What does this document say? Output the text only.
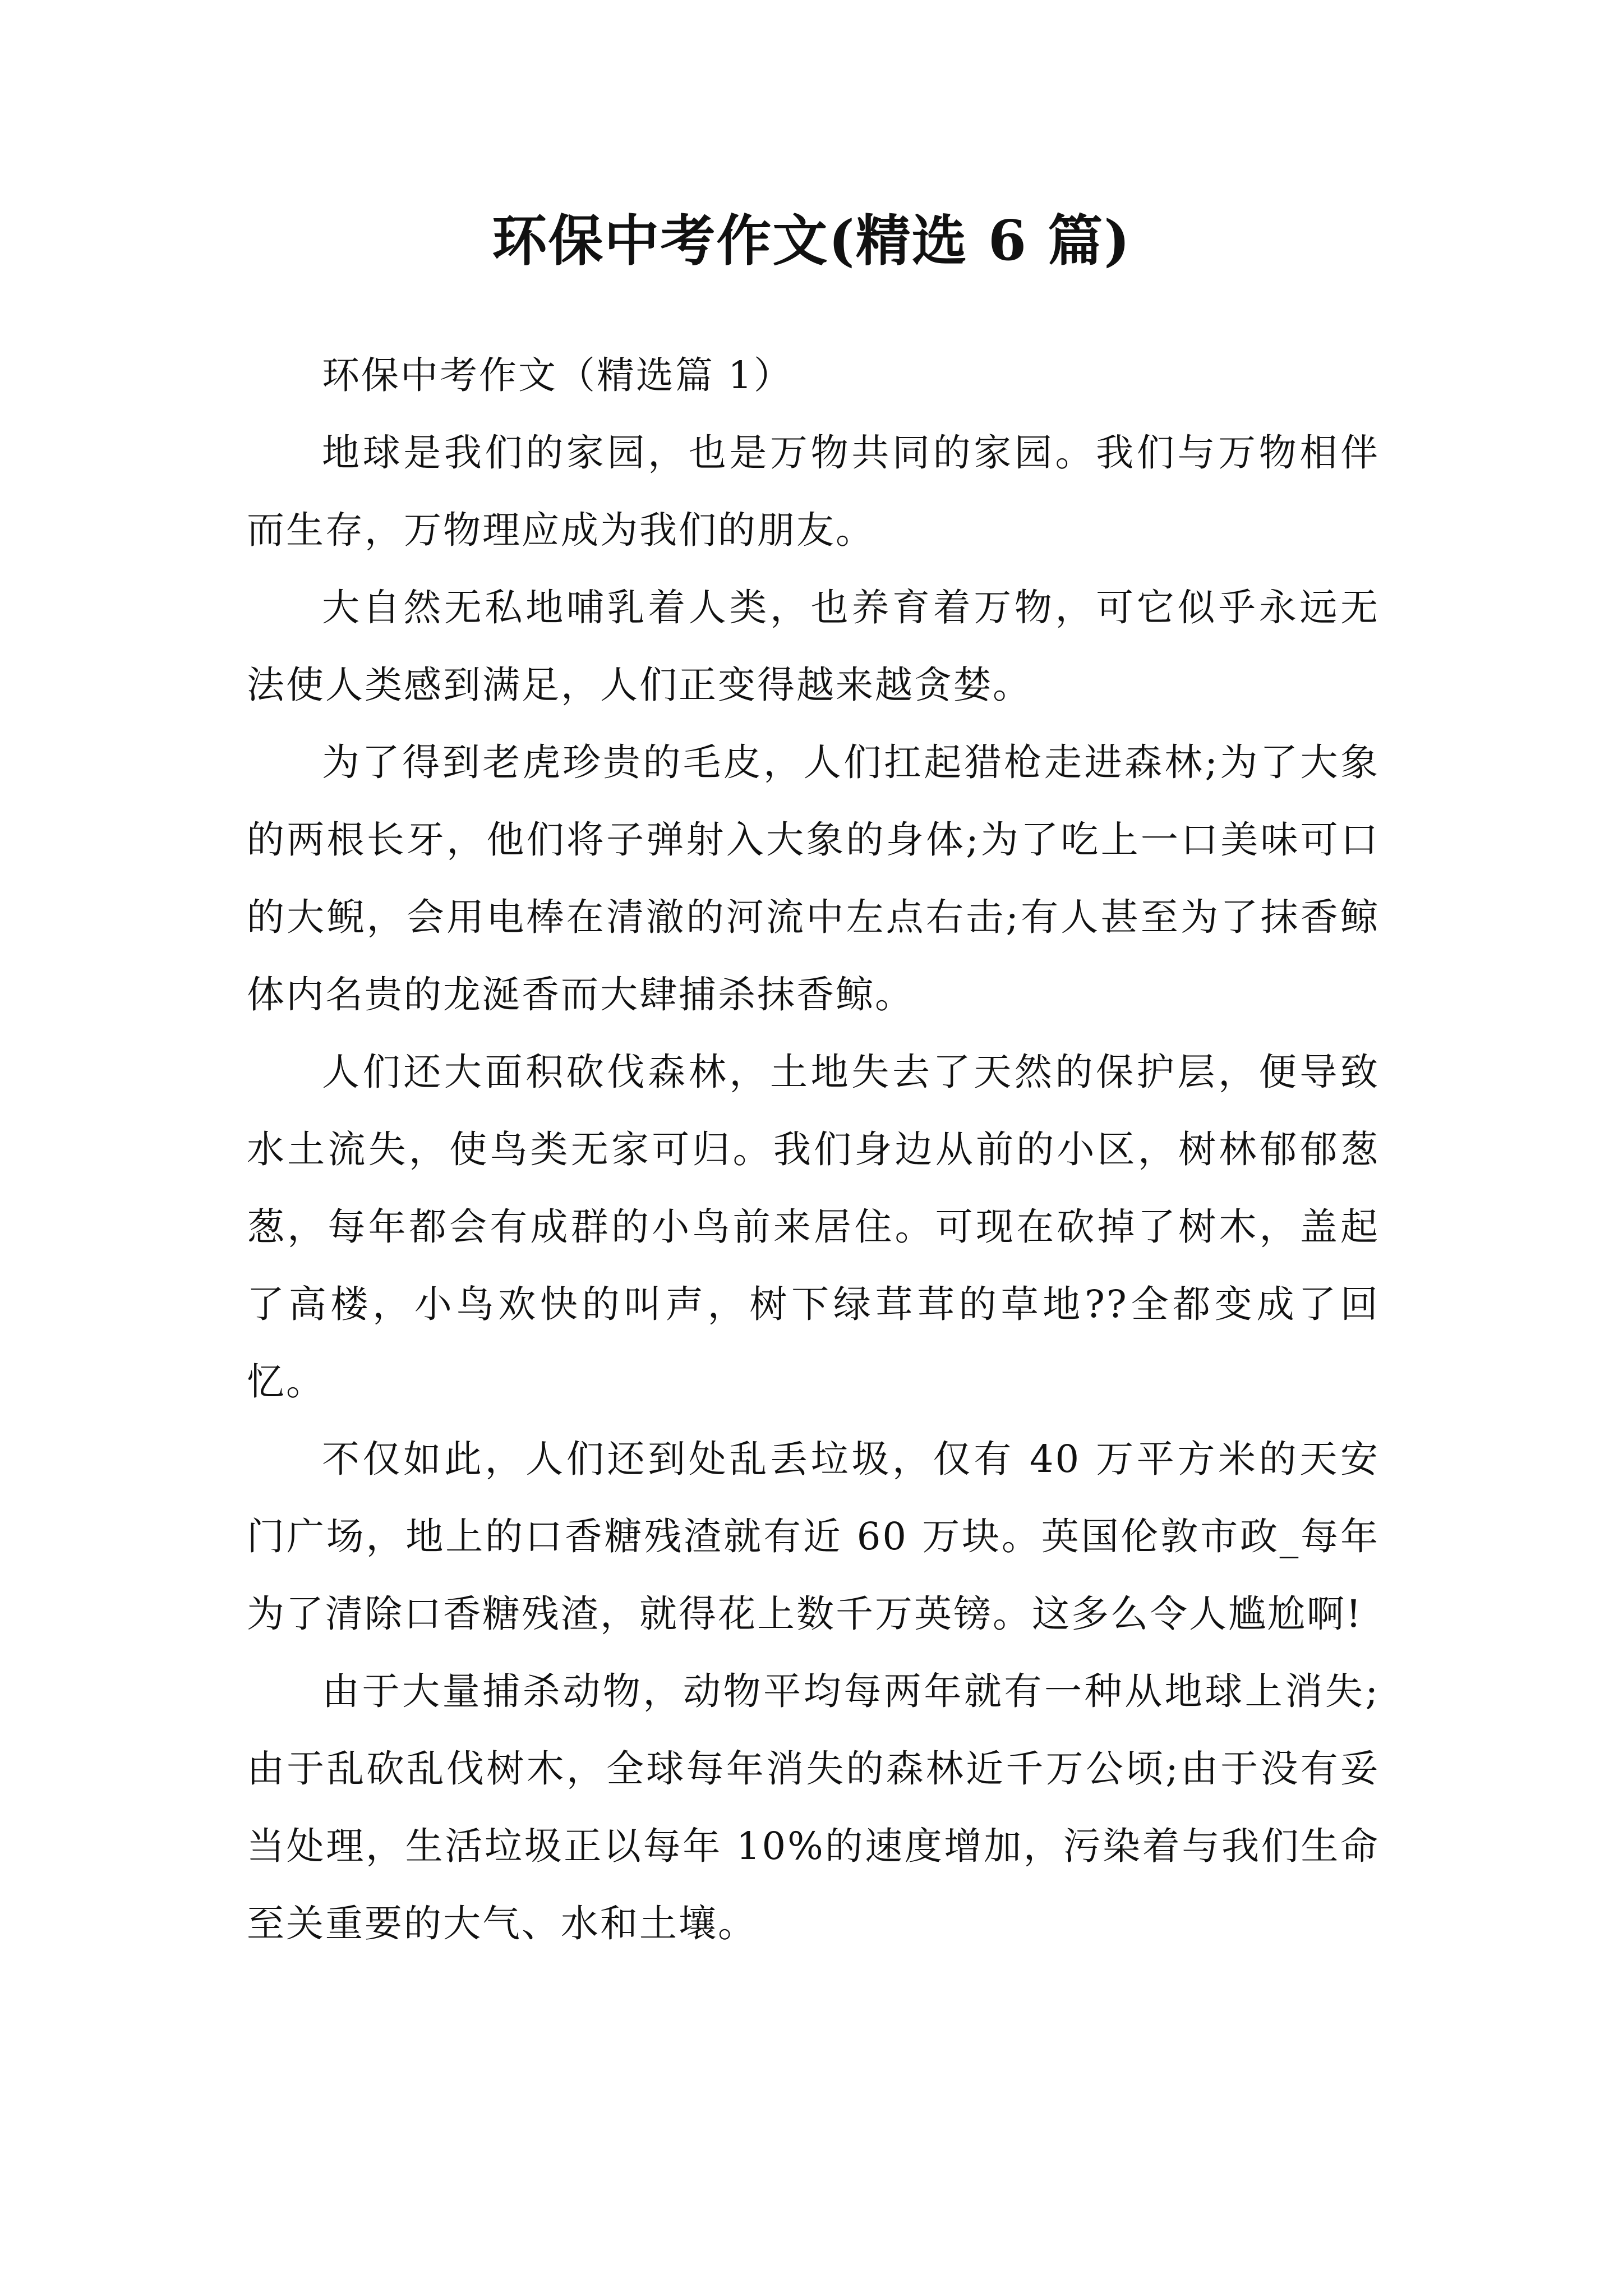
环保中考作文(精选 6 篇)

环保中考作文（精选篇 1）

地球是我们的家园，也是万物共同的家园。我们与万物相伴而生存，万物理应成为我们的朋友。

大自然无私地哺乳着人类，也养育着万物，可它似乎永远无法使人类感到满足，人们正变得越来越贪婪。

为了得到老虎珍贵的毛皮，人们扛起猎枪走进森林;为了大象的两根长牙，他们将子弹射入大象的身体;为了吃上一口美味可口的大鲵，会用电棒在清澈的河流中左点右击;有人甚至为了抹香鲸体内名贵的龙涎香而大肆捕杀抹香鲸。

人们还大面积砍伐森林，土地失去了天然的保护层，便导致水土流失，使鸟类无家可归。我们身边从前的小区，树林郁郁葱葱，每年都会有成群的小鸟前来居住。可现在砍掉了树木，盖起了高楼，小鸟欢快的叫声，树下绿茸茸的草地??全都变成了回忆。

不仅如此，人们还到处乱丢垃圾，仅有 40 万平方米的天安门广场，地上的口香糖残渣就有近 60 万块。英国伦敦市政_每年为了清除口香糖残渣，就得花上数千万英镑。这多么令人尴尬啊!

由于大量捕杀动物，动物平均每两年就有一种从地球上消失;由于乱砍乱伐树木，全球每年消失的森林近千万公顷;由于没有妥当处理，生活垃圾正以每年 10%的速度增加，污染着与我们生命至关重要的大气、水和土壤。
